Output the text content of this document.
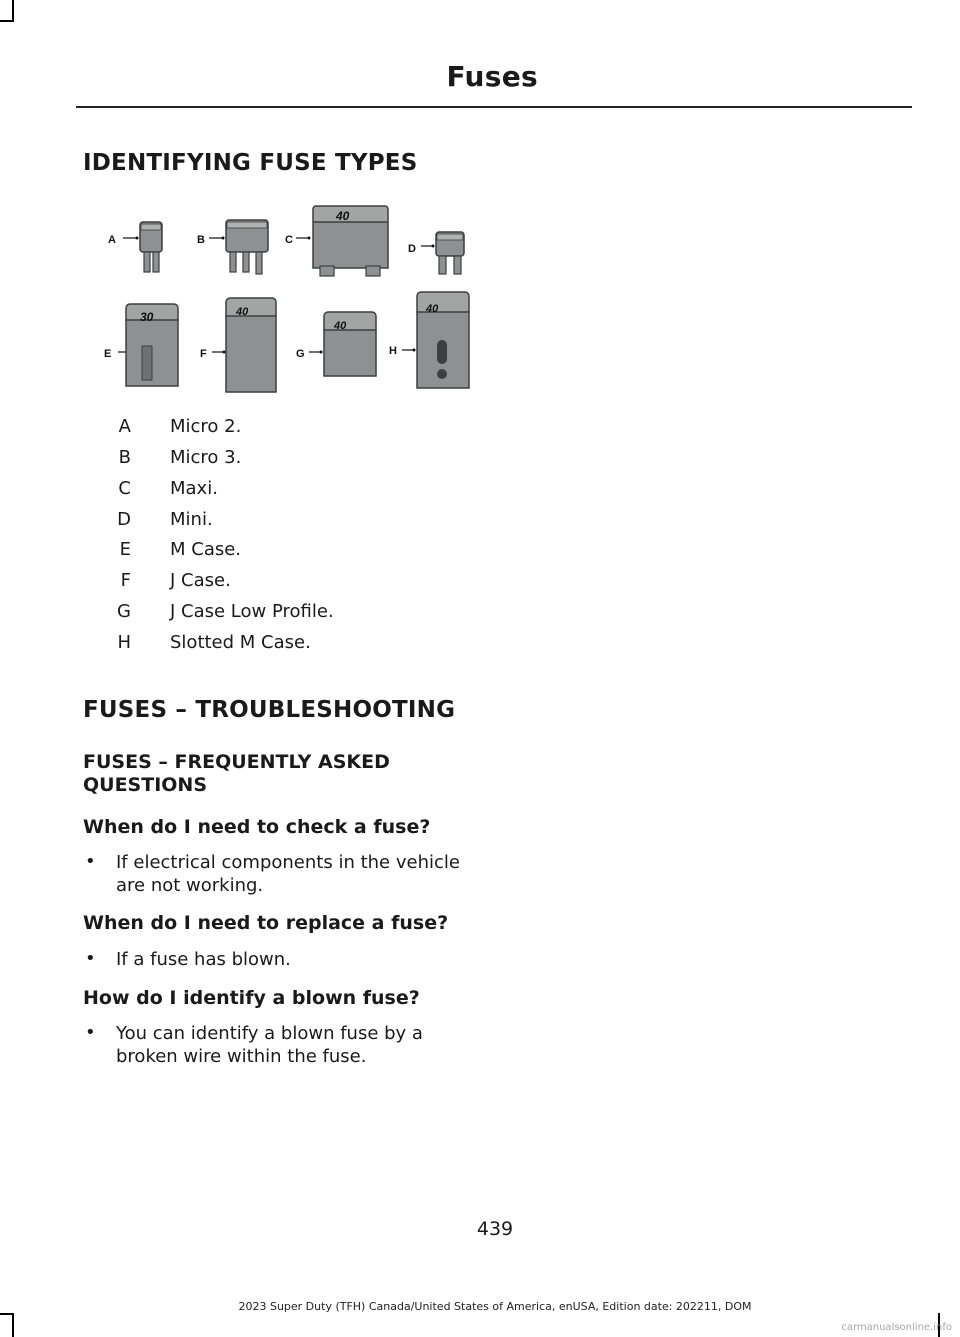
Fuses
IDENTIFYING FUSE TYPES
A	B	C
40
D
E
30
F
40
G
40
H
40
A Micro 2.
B Micro 3.
C Maxi.
D Mini.
E M Case.
F J Case.
G J Case Low Profile.
H Slotted M Case.
FUSES – TROUBLESHOOTING
FUSES – FREQUENTLY ASKED QUESTIONS
When do I need to check a fuse?
• If electrical components in the vehicle are not working.
When do I need to replace a fuse?
• If a fuse has blown.
How do I identify a blown fuse?
• You can identify a blown fuse by a broken wire within the fuse.
439
2023 Super Duty (TFH) Canada/United States of America, enUSA, Edition date: 202211, DOM
carmanualsonline.info
